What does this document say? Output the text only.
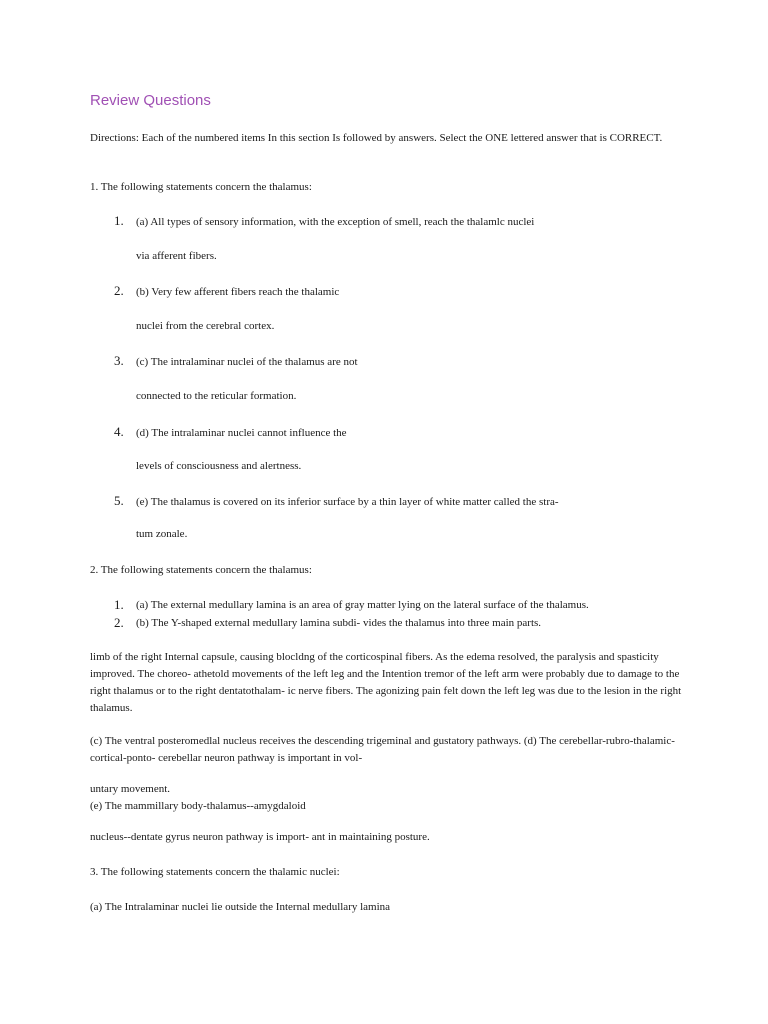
Review Questions

Directions: Each of the numbered items In this section Is followed by answers. Select the ONE lettered answer that is CORRECT.

1. The following statements concern the thalamus:

1. (a) All types of sensory information, with the exception of smell, reach the thalamlc nuclei

via afferent fibers.

2. (b) Very few afferent fibers reach the thalamic

nuclei from the cerebral cortex.

3. (c) The intralaminar nuclei of the thalamus are not

connected to the reticular formation.

4. (d) The intralaminar nuclei cannot influence the

levels of consciousness and alertness.

5. (e) The thalamus is covered on its inferior surface by a thin layer of white matter called the stra-

tum zonale.

2. The following statements concern the thalamus:

1. (a) The external medullary lamina is an area of gray matter lying on the lateral surface of the thalamus.

2. (b) The Y-shaped external medullary lamina subdi- vides the thalamus into three main parts.

limb of the right Internal capsule, causing blocldng of the corticospinal fibers. As the edema resolved, the paralysis and spasticity improved. The choreo- athetold movements of the left leg and the Intention tremor of the left arm were probably due to damage to the right thalamus or to the right dentatothalam- ic nerve fibers. The agonizing pain felt down the left leg was due to the lesion in the right thalamus.

(c) The ventral posteromedlal nucleus receives the descending trigeminal and gustatory pathways. (d) The cerebellar-rubro-thalamic-cortical-ponto- cerebellar neuron pathway is important in vol-

untary movement.

(e) The mammillary body-thalamus--amygdaloid

nucleus--dentate gyrus neuron pathway is import- ant in maintaining posture.

3. The following statements concern the thalamic nuclei:

(a) The Intralaminar nuclei lie outside the Internal medullary lamina
